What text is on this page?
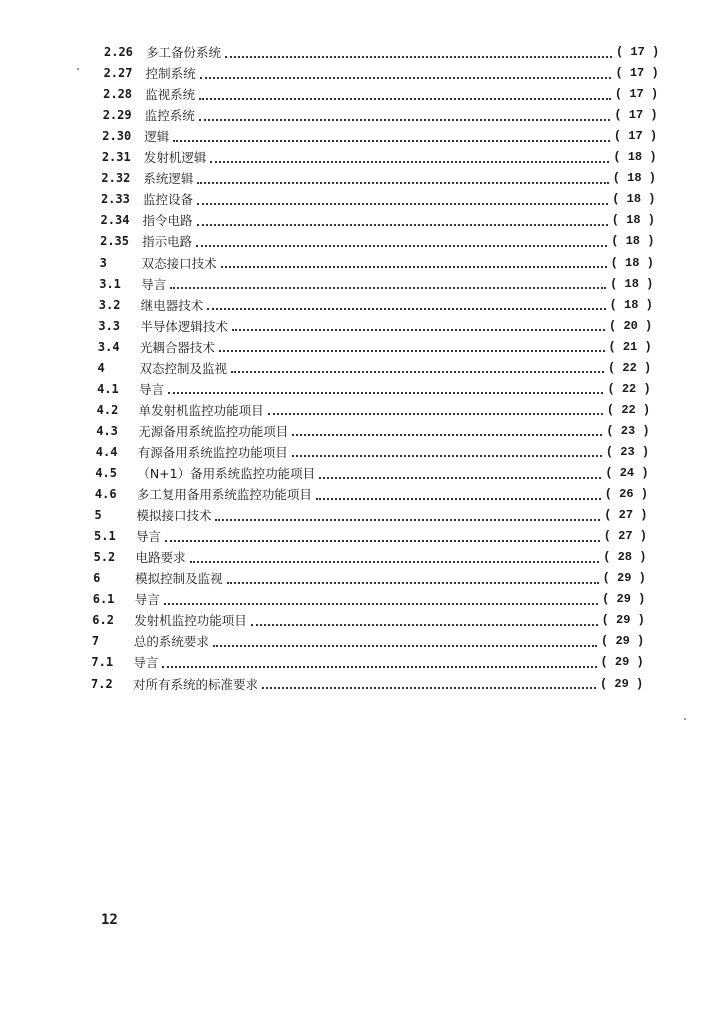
2.26	多工备份系统	( 17 )
2.27	控制系统	( 17 )
2.28	监视系统	( 17 )
2.29	监控系统	( 17 )
2.30	逻辑	( 17 )
2.31	发射机逻辑	( 18 )
2.32	系统逻辑	( 18 )
2.33	监控设备	( 18 )
2.34	指令电路	( 18 )
2.35	指示电路	( 18 )
3	双态接口技术	( 18 )
3.1	导言	( 18 )
3.2	继电器技术	( 18 )
3.3	半导体逻辑技术	( 20 )
3.4	光耦合器技术	( 21 )
4	双态控制及监视	( 22 )
4.1	导言	( 22 )
4.2	单发射机监控功能项目	( 22 )
4.3	无源备用系统监控功能项目	( 23 )
4.4	有源备用系统监控功能项目	( 23 )
4.5	（N+1）备用系统监控功能项目	( 24 )
4.6	多工复用备用系统监控功能项目	( 26 )
5	模拟接口技术	( 27 )
5.1	导言	( 27 )
5.2	电路要求	( 28 )
6	模拟控制及监视	( 29 )
6.1	导言	( 29 )
6.2	发射机监控功能项目	( 29 )
7	总的系统要求	( 29 )
7.1	导言	( 29 )
7.2	对所有系统的标准要求	( 29 )
12
